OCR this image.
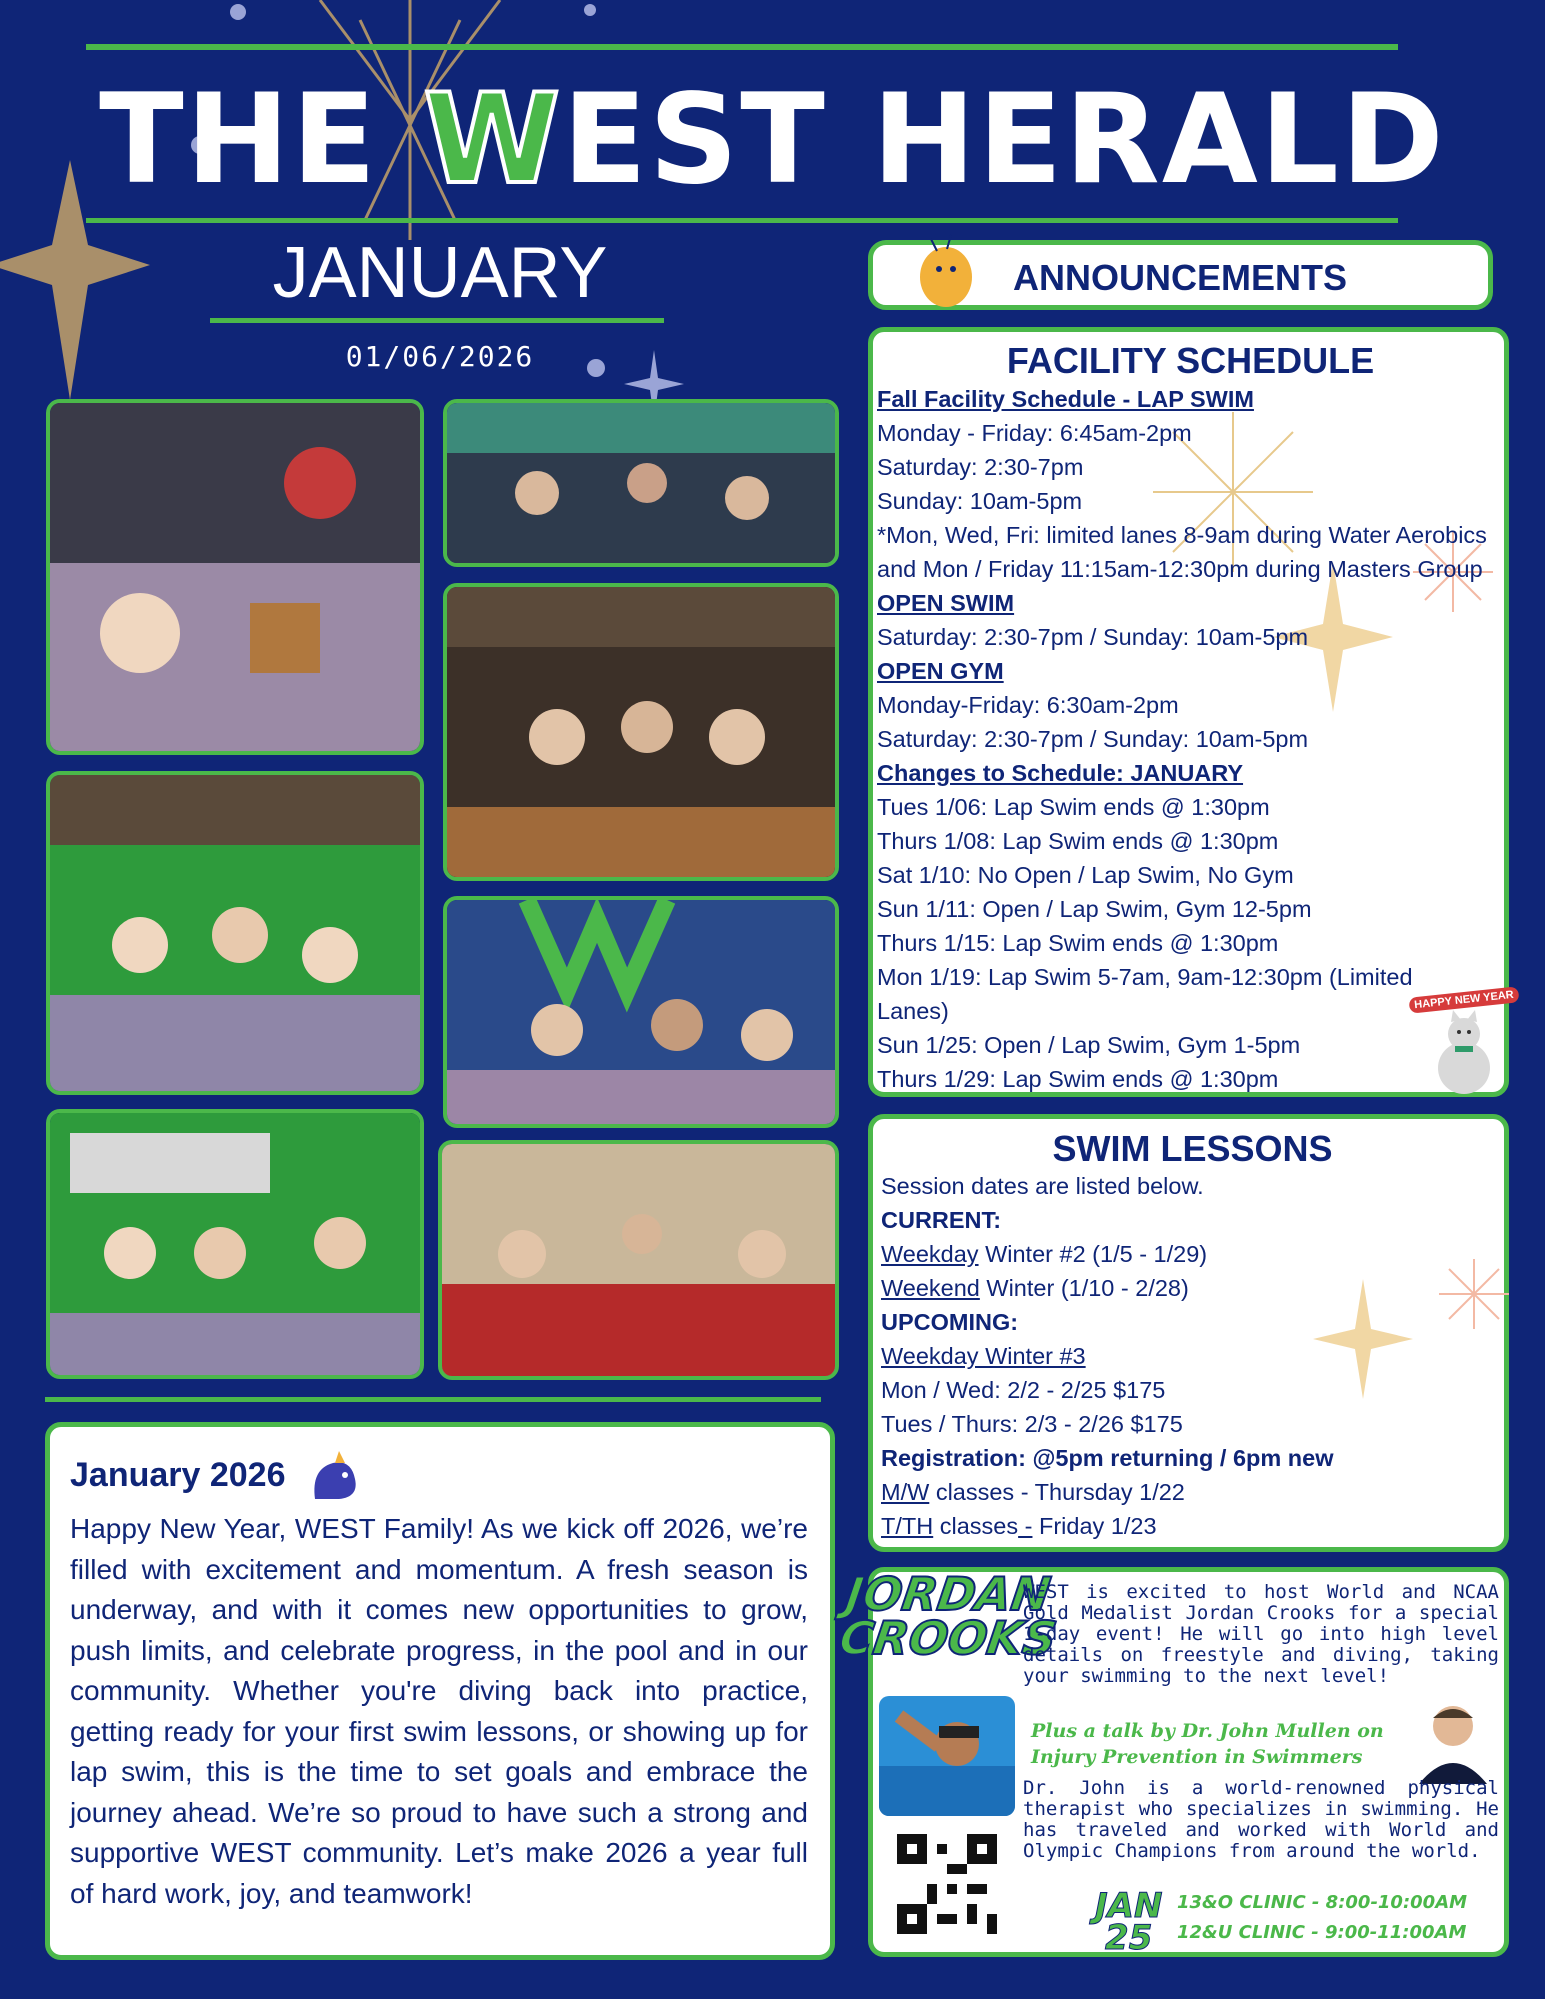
THE WEST HERALD
JANUARY
01/06/2026
ANNOUNCEMENTS
FACILITY SCHEDULE
Fall Facility Schedule - LAP SWIM
Monday - Friday: 6:45am-2pm
Saturday: 2:30-7pm
Sunday: 10am-5pm
*Mon, Wed, Fri: limited lanes 8-9am during Water Aerobics
and Mon / Friday 11:15am-12:30pm during Masters Group
OPEN SWIM
Saturday: 2:30-7pm / Sunday: 10am-5pm
OPEN GYM
Monday-Friday: 6:30am-2pm
Saturday: 2:30-7pm / Sunday: 10am-5pm
Changes to Schedule: JANUARY
Tues 1/06: Lap Swim ends @ 1:30pm
Thurs 1/08: Lap Swim ends @ 1:30pm
Sat 1/10: No Open / Lap Swim, No Gym
Sun 1/11: Open / Lap Swim, Gym 12-5pm
Thurs 1/15: Lap Swim ends @ 1:30pm
Mon 1/19: Lap Swim 5-7am, 9am-12:30pm (Limited Lanes)
Sun 1/25: Open / Lap Swim, Gym 1-5pm
Thurs 1/29: Lap Swim ends @ 1:30pm
HAPPY NEW YEAR
SWIM LESSONS
Session dates are listed below.
CURRENT:
Weekday Winter #2 (1/5 - 1/29)
Weekend Winter (1/10 - 2/28)
UPCOMING:
Weekday Winter #3
Mon / Wed: 2/2 - 2/25 $175
Tues / Thurs: 2/3 - 2/26 $175
Registration: @5pm returning / 6pm new
M/W classes - Thursday 1/22
T/TH classes - Friday 1/23
January 2026

Happy New Year, WEST Family! As we kick off 2026, we’re filled with excitement and momentum. A fresh season is underway, and with it comes new opportunities to grow, push limits, and celebrate progress, in the pool and in our community. Whether you're diving back into practice, getting ready for your first swim lessons, or showing up for lap swim, this is the time to set goals and embrace the journey ahead. We’re so proud to have such a strong and supportive WEST community. Let’s make 2026 a year full of hard work, joy, and teamwork!

JORDAN
CROOKS
WEST is excited to host World and NCAA Gold Medalist Jordan Crooks for a special 1-day event! He will go into high level details on freestyle and diving, taking your swimming to the next level!
Plus a talk by Dr. John Mullen on Injury Prevention in Swimmers
Dr. John is a world-renowned physical therapist who specializes in swimming. He has traveled and worked with World and Olympic Champions from around the world.
JAN
25
13&O CLINIC - 8:00-10:00AM
12&U CLINIC - 9:00-11:00AM
